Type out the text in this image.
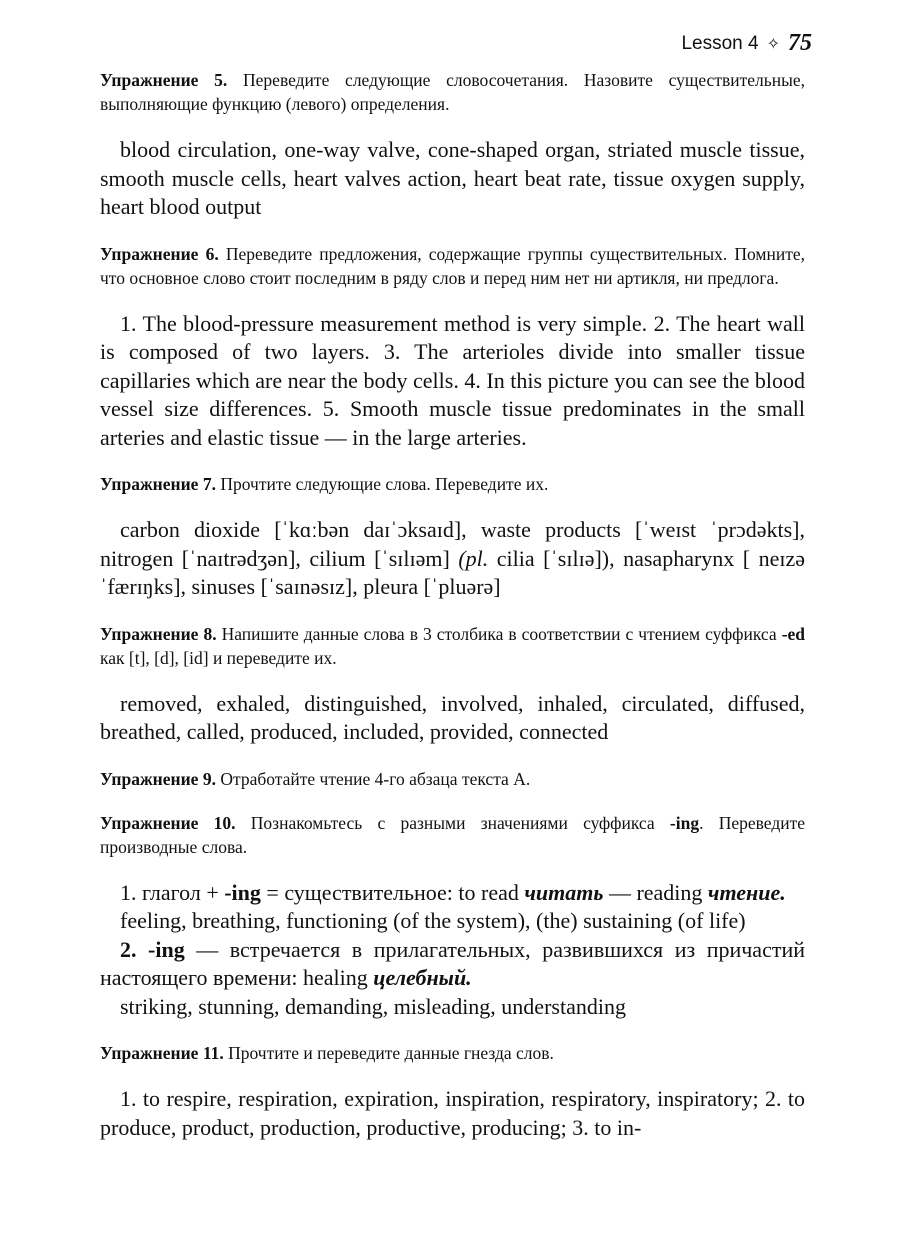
Lesson 4 ✧ 75

Упражнение 5. Переведите следующие словосочетания. Назовите существительные, выполняющие функцию (левого) определения.

blood circulation, one-way valve, cone-shaped organ, striated muscle tissue, smooth muscle cells, heart valves action, heart beat rate, tissue oxygen supply, heart blood output

Упражнение 6. Переведите предложения, содержащие группы существительных. Помните, что основное слово стоит последним в ряду слов и перед ним нет ни артикля, ни предлога.

1. The blood-pressure measurement method is very simple. 2. The heart wall is composed of two layers. 3. The arterioles divide into smaller tissue capillaries which are near the body cells. 4. In this picture you can see the blood vessel size differences. 5. Smooth muscle tissue predominates in the small arteries and elastic tissue — in the large arteries.

Упражнение 7. Прочтите следующие слова. Переведите их.

carbon dioxide [ˈkɑːbən daɪˈɔksaɪd], waste products [ˈweɪst ˈprɔdəkts], nitrogen [ˈnaɪtrədʒən], cilium [ˈsɪlɪəm] (pl. cilia [ˈsɪlɪə]), nasapharynx [ neɪzəˈfærɪŋks], sinuses [ˈsaɪnəsɪz], pleura [ˈpluərə]

Упражнение 8. Напишите данные слова в 3 столбика в соответствии с чтением суффикса -ed как [t], [d], [id] и переведите их.

removed, exhaled, distinguished, involved, inhaled, circulated, diffused, breathed, called, produced, included, provided, connected

Упражнение 9. Отработайте чтение 4-го абзаца текста А.

Упражнение 10. Познакомьтесь с разными значениями суффикса -ing. Переведите производные слова.

1. глагол + -ing = существительное: to read читать — reading чтение.

feeling, breathing, functioning (of the system), (the) sustaining (of life)

2. -ing — встречается в прилагательных, развившихся из причастий настоящего времени: healing целебный.

striking, stunning, demanding, misleading, understanding

Упражнение 11. Прочтите и переведите данные гнезда слов.

1. to respire, respiration, expiration, inspiration, respiratory, inspiratory; 2. to produce, product, production, productive, producing; 3. to in-
